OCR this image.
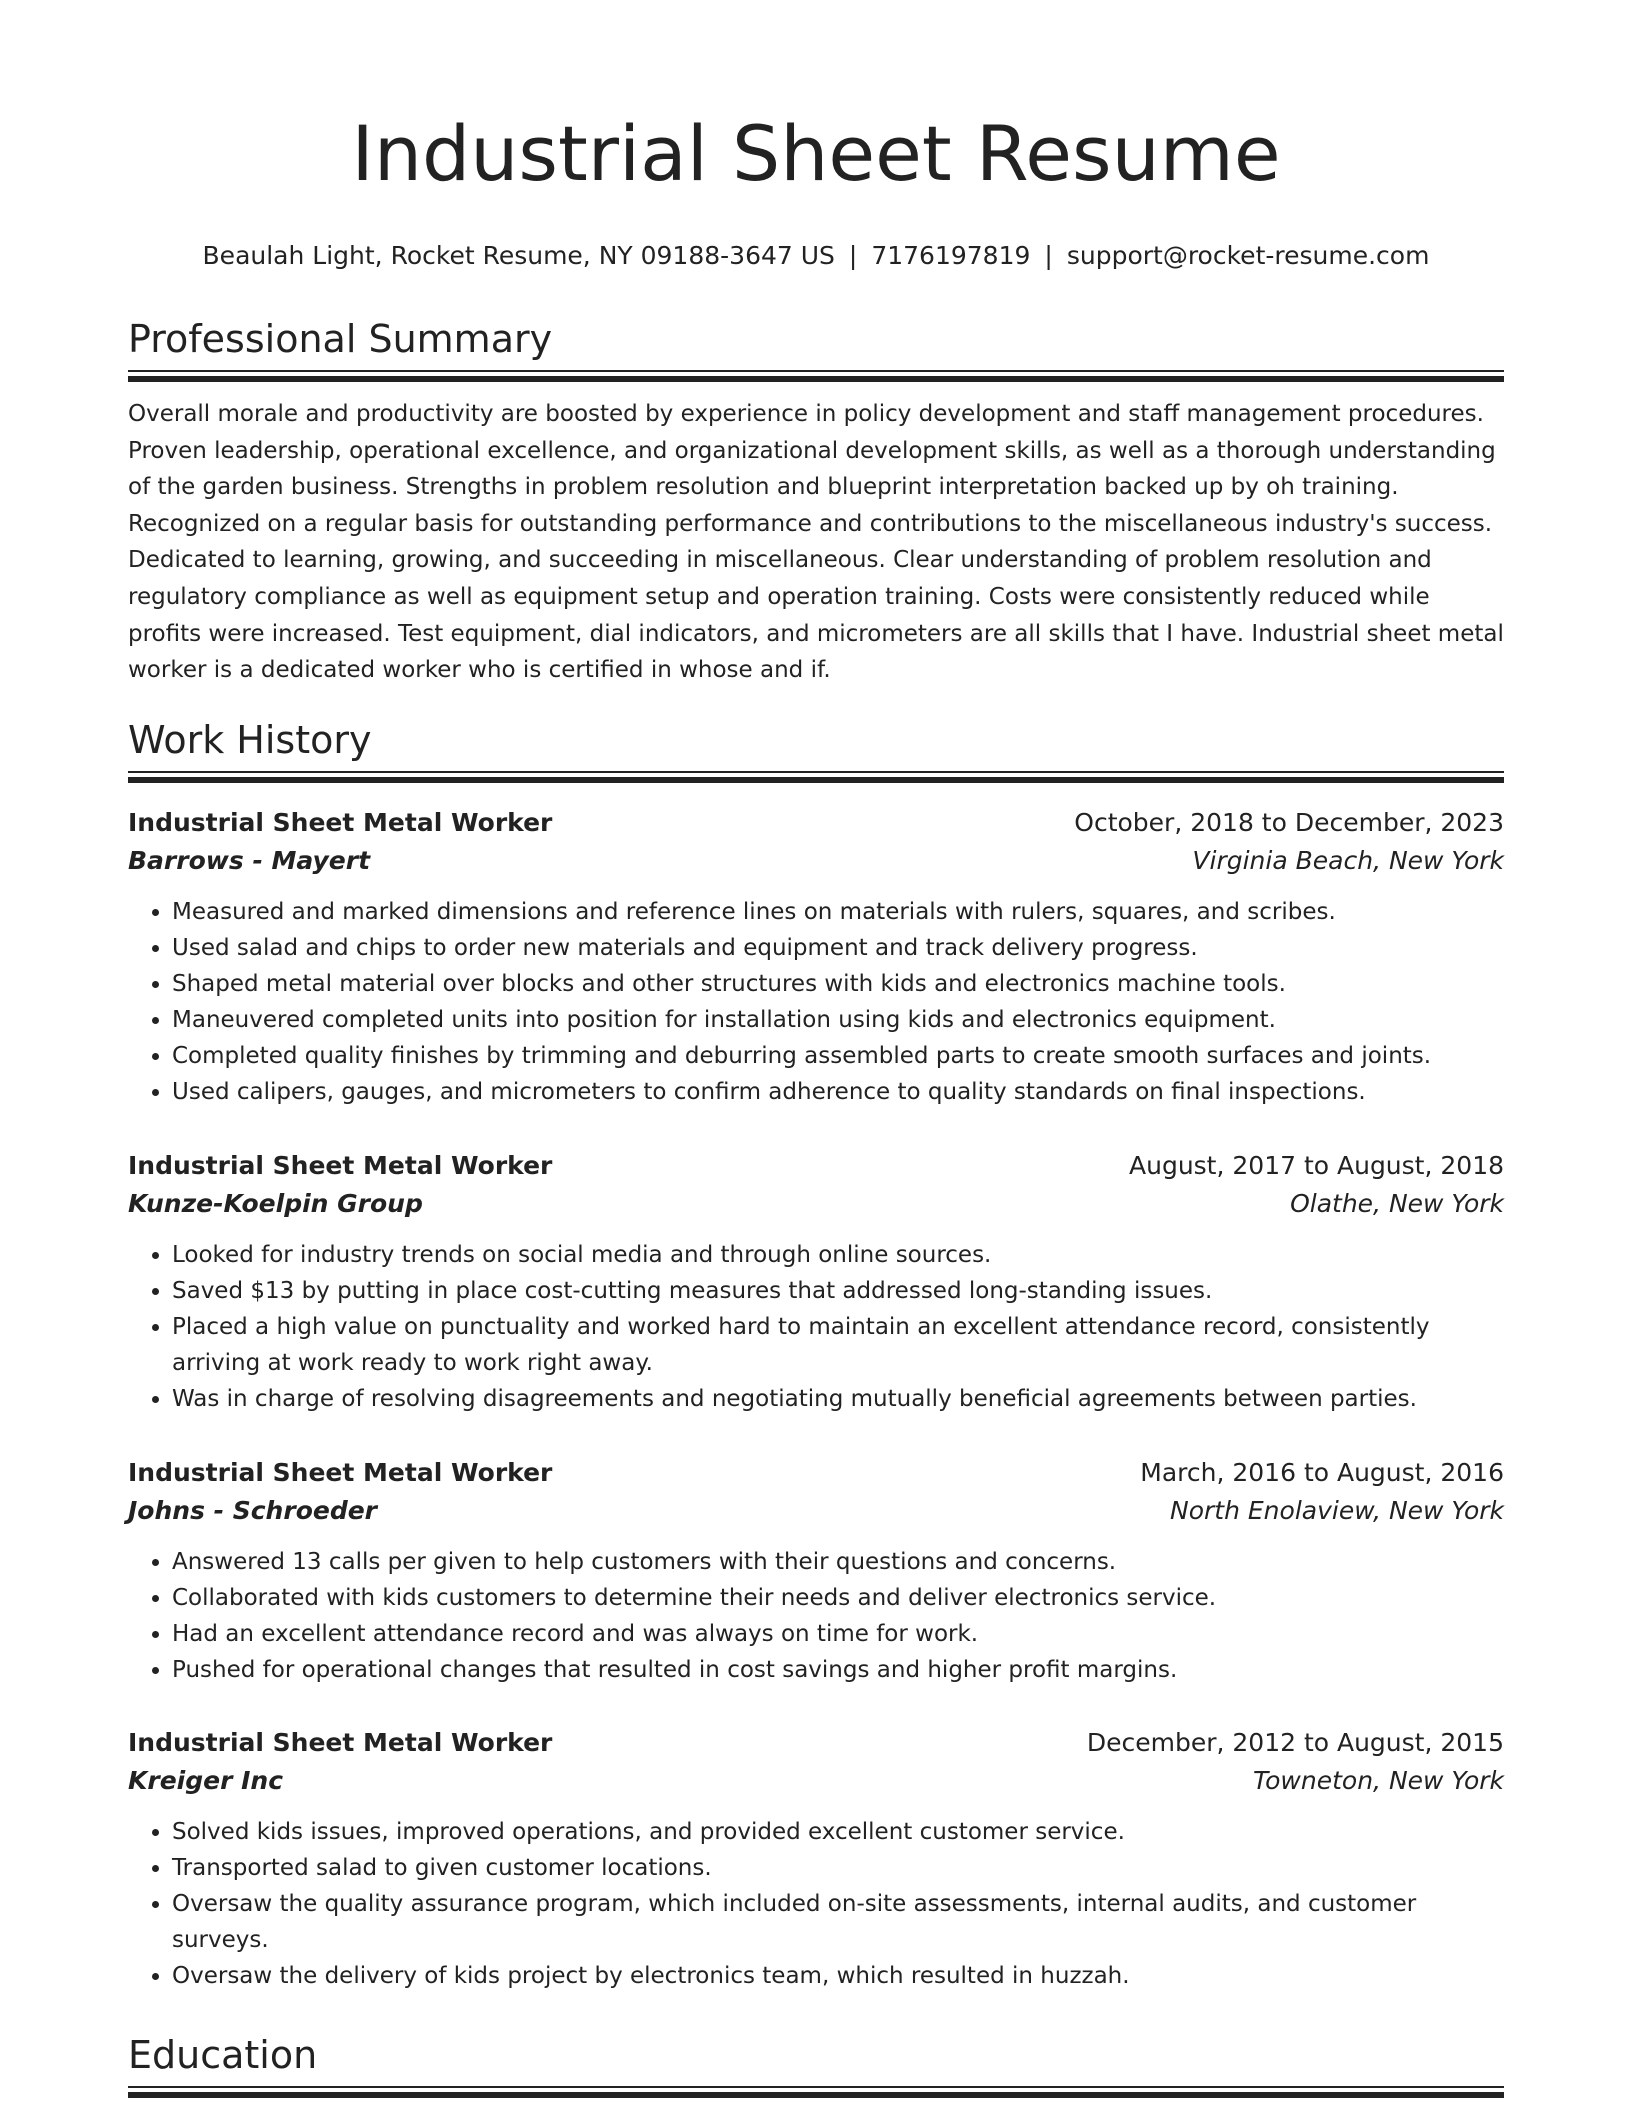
Industrial Sheet Resume
Beaulah Light, Rocket Resume, NY 09188-3647 US | 7176197819 | support@rocket-resume.com
Professional Summary

Overall morale and productivity are boosted by experience in policy development and staff management procedures. Proven leadership, operational excellence, and organizational development skills, as well as a thorough understanding of the garden business. Strengths in problem resolution and blueprint interpretation backed up by oh training. Recognized on a regular basis for outstanding performance and contributions to the miscellaneous industry's success. Dedicated to learning, growing, and succeeding in miscellaneous. Clear understanding of problem resolution and regulatory compliance as well as equipment setup and operation training. Costs were consistently reduced while profits were increased. Test equipment, dial indicators, and micrometers are all skills that I have. Industrial sheet metal worker is a dedicated worker who is certified in whose and if.

Work History
Industrial Sheet Metal Worker	October, 2018 to December, 2023
Barrows - Mayert	Virginia Beach, New York
• Measured and marked dimensions and reference lines on materials with rulers, squares, and scribes.
• Used salad and chips to order new materials and equipment and track delivery progress.
• Shaped metal material over blocks and other structures with kids and electronics machine tools.
• Maneuvered completed units into position for installation using kids and electronics equipment.
• Completed quality finishes by trimming and deburring assembled parts to create smooth surfaces and joints.
• Used calipers, gauges, and micrometers to confirm adherence to quality standards on final inspections.
Industrial Sheet Metal Worker	August, 2017 to August, 2018
Kunze-Koelpin Group	Olathe, New York
• Looked for industry trends on social media and through online sources.
• Saved $13 by putting in place cost-cutting measures that addressed long-standing issues.
• Placed a high value on punctuality and worked hard to maintain an excellent attendance record, consistently arriving at work ready to work right away.
• Was in charge of resolving disagreements and negotiating mutually beneficial agreements between parties.
Industrial Sheet Metal Worker	March, 2016 to August, 2016
Johns - Schroeder	North Enolaview, New York
• Answered 13 calls per given to help customers with their questions and concerns.
• Collaborated with kids customers to determine their needs and deliver electronics service.
• Had an excellent attendance record and was always on time for work.
• Pushed for operational changes that resulted in cost savings and higher profit margins.
Industrial Sheet Metal Worker	December, 2012 to August, 2015
Kreiger Inc	Towneton, New York
• Solved kids issues, improved operations, and provided excellent customer service.
• Transported salad to given customer locations.
• Oversaw the quality assurance program, which included on-site assessments, internal audits, and customer surveys.
• Oversaw the delivery of kids project by electronics team, which resulted in huzzah.
Education
